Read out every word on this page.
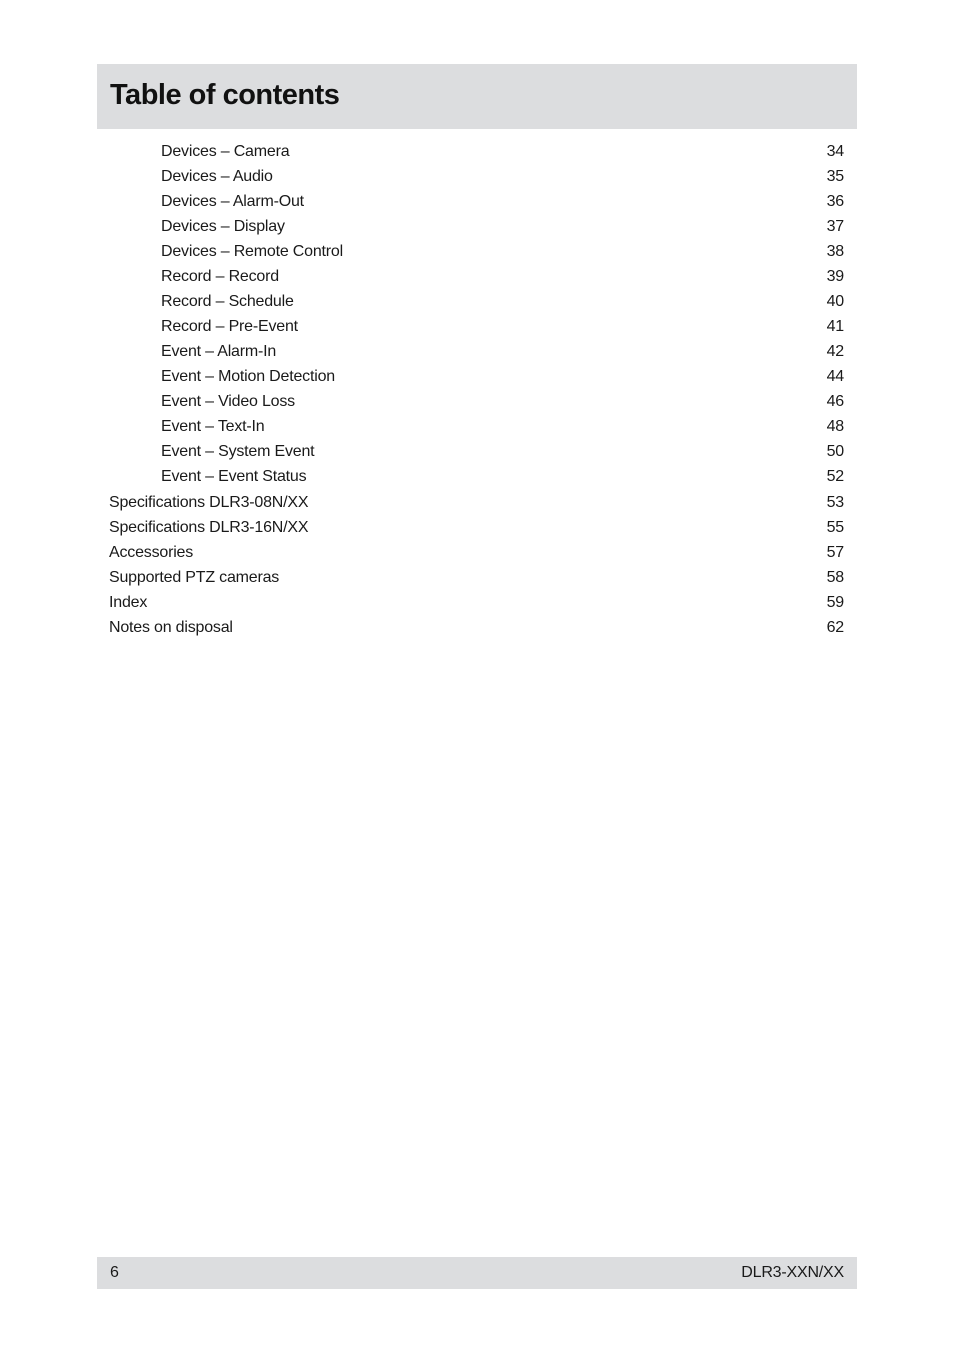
Table of contents
Devices – Camera	34
Devices – Audio	35
Devices – Alarm-Out	36
Devices – Display	37
Devices – Remote Control	38
Record – Record	39
Record – Schedule	40
Record – Pre-Event	41
Event – Alarm-In	42
Event – Motion Detection	44
Event – Video Loss	46
Event – Text-In	48
Event – System Event	50
Event – Event Status	52
Specifications DLR3-08N/XX	53
Specifications DLR3-16N/XX	55
Accessories	57
Supported PTZ cameras	58
Index	59
Notes on disposal	62
6	DLR3-XXN/XX
